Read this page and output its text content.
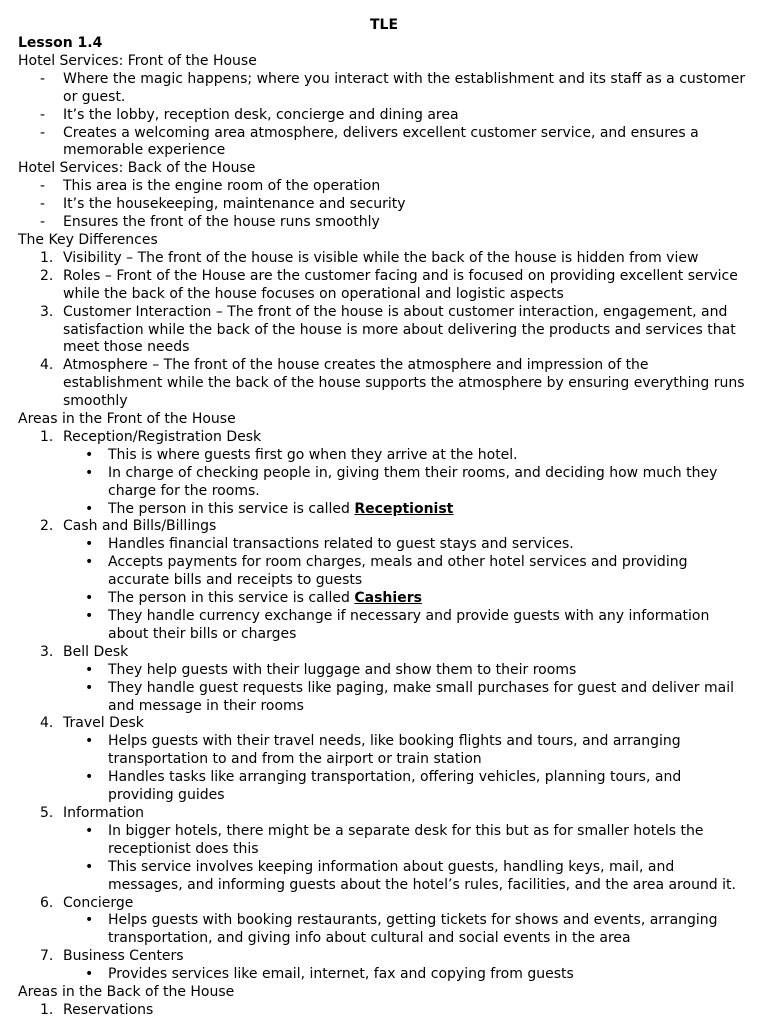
TLE
Lesson 1.4
Hotel Services: Front of the House
- Where the magic happens; where you interact with the establishment and its staff as a customer or guest.
- It’s the lobby, reception desk, concierge and dining area
- Creates a welcoming area atmosphere, delivers excellent customer service, and ensures a memorable experience
Hotel Services: Back of the House
- This area is the engine room of the operation
- It’s the housekeeping, maintenance and security
- Ensures the front of the house runs smoothly
The Key Differences
1. Visibility – The front of the house is visible while the back of the house is hidden from view
2. Roles – Front of the House are the customer facing and is focused on providing excellent service while the back of the house focuses on operational and logistic aspects
3. Customer Interaction – The front of the house is about customer interaction, engagement, and satisfaction while the back of the house is more about delivering the products and services that meet those needs
4. Atmosphere – The front of the house creates the atmosphere and impression of the establishment while the back of the house supports the atmosphere by ensuring everything runs smoothly
Areas in the Front of the House
1. Reception/Registration Desk
• This is where guests first go when they arrive at the hotel.
• In charge of checking people in, giving them their rooms, and deciding how much they charge for the rooms.
• The person in this service is called Receptionist
2. Cash and Bills/Billings
• Handles financial transactions related to guest stays and services.
• Accepts payments for room charges, meals and other hotel services and providing accurate bills and receipts to guests
• The person in this service is called Cashiers
• They handle currency exchange if necessary and provide guests with any information about their bills or charges
3. Bell Desk
• They help guests with their luggage and show them to their rooms
• They handle guest requests like paging, make small purchases for guest and deliver mail and message in their rooms
4. Travel Desk
• Helps guests with their travel needs, like booking flights and tours, and arranging transportation to and from the airport or train station
• Handles tasks like arranging transportation, offering vehicles, planning tours, and providing guides
5. Information
• In bigger hotels, there might be a separate desk for this but as for smaller hotels the receptionist does this
• This service involves keeping information about guests, handling keys, mail, and messages, and informing guests about the hotel’s rules, facilities, and the area around it.
6. Concierge
• Helps guests with booking restaurants, getting tickets for shows and events, arranging transportation, and giving info about cultural and social events in the area
7. Business Centers
• Provides services like email, internet, fax and copying from guests
Areas in the Back of the House
1. Reservations
